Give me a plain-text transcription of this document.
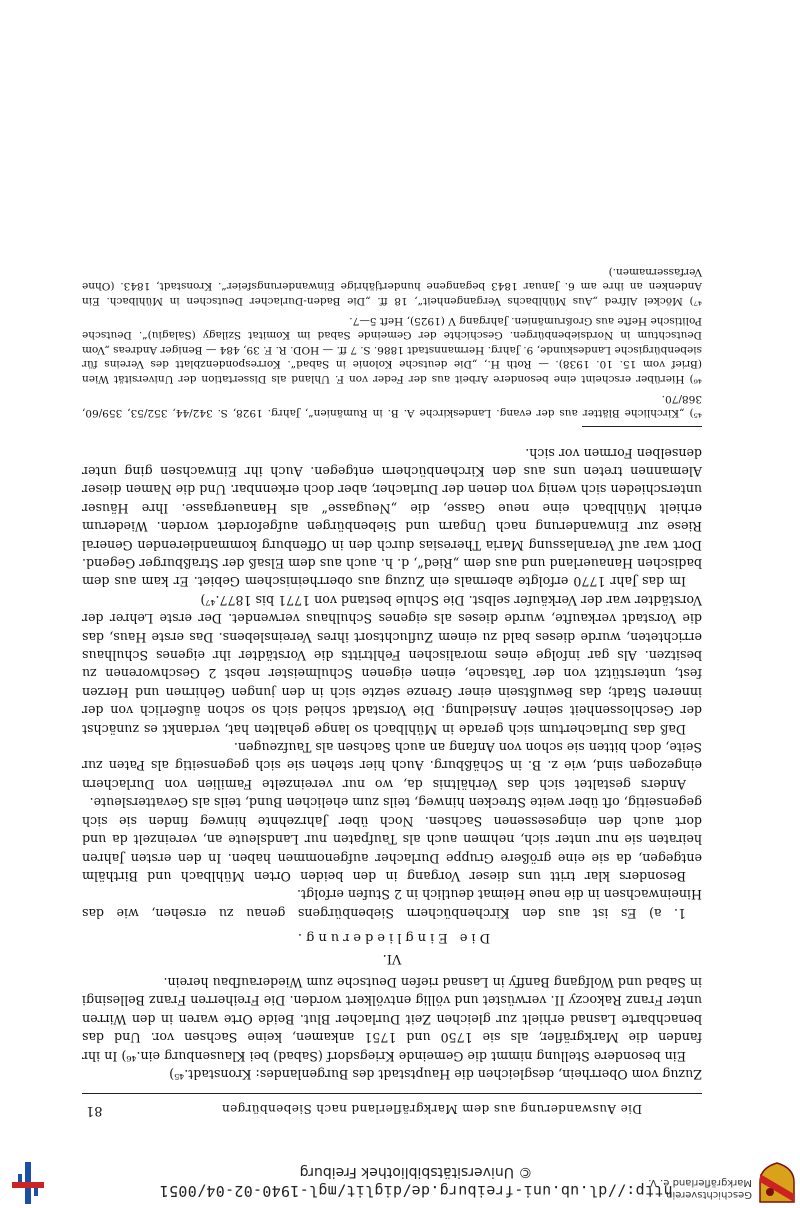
http://dl.ub.uni-freiburg.de/diglit/mgl-1940-02-04/0051
© Universitätsbibliothek Freiburg
Geschichtsverein
Markgräflerland e. V.
Die Auswanderung aus dem Markgräflerland nach Siebenbürgen
81

Zuzug vom Oberrhein, desgleichen die Hauptstadt des Burgenlandes: Kronstadt.⁴⁵)

Ein besondere Stellung nimmt die Gemeinde Kriegsdorf (Sabad) bei Klausenburg ein.⁴⁶) In ihr fanden die Markgräfler, als sie 1750 und 1751 ankamen, keine Sachsen vor. Und das benachbarte Lasnad erhielt zur gleichen Zeit Durlacher Blut. Beide Orte waren in den Wirren unter Franz Rakoczy II. verwüstet und völlig entvölkert worden. Die Freiherren Franz Bellesingi in Sabad und Wolfgang Banffy in Lasnad riefen Deutsche zum Wiederaufbau herein.

VI.
Die Eingliederung.

1. a) Es ist aus den Kirchenbüchern Siebenbürgens genau zu ersehen, wie das Hineinwachsen in die neue Heimat deutlich in 2 Stufen erfolgt.

Besonders klar tritt uns dieser Vorgang in den beiden Orten Mühlbach und Birthälm entgegen, da sie eine größere Gruppe Durlacher aufgenommen haben. In den ersten Jahren heiraten sie nur unter sich, nehmen auch als Taufpaten nur Landsleute an, vereinzelt da und dort auch den eingesessenen Sachsen. Noch über Jahrzehnte hinweg finden sie sich gegenseitig, oft über weite Strecken hinweg, teils zum ehelichen Bund, teils als Gevattersleute.

Anders gestaltet sich das Verhältnis da, wo nur vereinzelte Familien von Durlachern eingezogen sind, wie z. B. in Schäßburg. Auch hier stehen sie sich gegenseitig als Paten zur Seite, doch bitten sie schon von Anfang an auch Sachsen als Taufzeugen.

Daß das Durlachertum sich gerade in Mühlbach so lange gehalten hat, verdankt es zunächst der Geschlossenheit seiner Ansiedlung. Die Vorstadt schied sich so schon äußerlich von der inneren Stadt; das Bewußtsein einer Grenze setzte sich in den jungen Gehirnen und Herzen fest, unterstützt von der Tatsache, einen eigenen Schulmeister nebst 2 Geschworenen zu besitzen. Als gar infolge eines moralischen Fehltritts die Vorstädter ihr eigenes Schulhaus errichteten, wurde dieses bald zu einem Zufluchtsort ihres Vereinslebens. Das erste Haus, das die Vorstadt verkaufte, wurde dieses als eigenes Schulhaus verwendet. Der erste Lehrer der Vorstädter war der Verkäufer selbst. Die Schule bestand von 1771 bis 1877.⁴⁷)

Im das Jahr 1770 erfolgte abermals ein Zuzug aus oberrheinischem Gebiet. Er kam aus dem badischen Hanauerland und aus dem „Ried“, d. h. auch aus dem Elsaß der Straßburger Gegend. Dort war auf Veranlassung Maria Theresias durch den in Offenburg kommandierenden General Riese zur Einwanderung nach Ungarn und Siebenbürgen aufgefordert worden. Wiederum erhielt Mühlbach eine neue Gasse, die „Neugasse“ als Hanauergasse. Ihre Häuser unterschieden sich wenig von denen der Durlacher, aber doch erkennbar. Und die Namen dieser Alemannen treten uns aus den Kirchenbüchern entgegen. Auch ihr Einwachsen ging unter denselben Formen vor sich.

⁴⁵) „Kirchliche Blätter aus der evang. Landeskirche A. B. in Rumänien“, Jahrg. 1928, S. 342/44, 352/53, 359/60, 368/70.

⁴⁶) Hierüber erscheint eine besondere Arbeit aus der Feder von F. Uhland als Dissertation der Universität Wien (Brief vom 15. 10. 1938). — Roth H., „Die deutsche Kolonie in Sabad“. Korrespondenzblatt des Vereins für siebenbürgische Landeskunde, 9. Jahrg. Hermannstadt 1886. S. 7 ff. — HOD. R. F. 39, 484 — Beniger Andreas „Vom Deutschtum in Nordsiebenbürgen. Geschichte der Gemeinde Sabad im Komitat Szilagy (Salagiu)“. Deutsche Politische Hefte aus Großrumänien. Jahrgang V (1925), Heft 5—7.

⁴⁷) Möckel Alfred „Aus Mühlbachs Vergangenheit“, 18 ff. „Die Baden-Durlacher Deutschen in Mühlbach. Ein Andenken an ihre am 6. Januar 1843 begangene hundertjährige Einwanderungsfeier“. Kronstadt, 1843. (Ohne Verfassernamen.)
